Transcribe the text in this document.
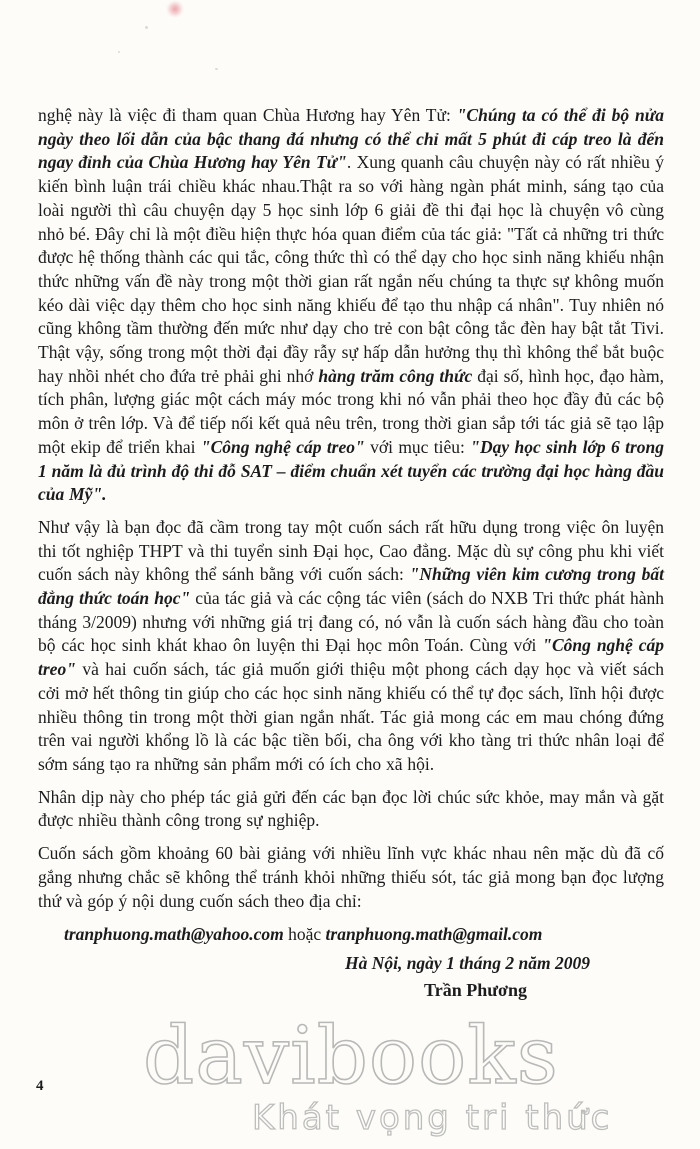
davibooks
Khát vọng tri thức

nghệ này là việc đi tham quan Chùa Hương hay Yên Tử: "Chúng ta có thể đi bộ nửa ngày theo lối dẫn của bậc thang đá nhưng có thể chỉ mất 5 phút đi cáp treo là đến ngay đỉnh của Chùa Hương hay Yên Tử". Xung quanh câu chuyện này có rất nhiều ý kiến bình luận trái chiều khác nhau.Thật ra so với hàng ngàn phát minh, sáng tạo của loài người thì câu chuyện dạy 5 học sinh lớp 6 giải đề thi đại học là chuyện vô cùng nhỏ bé. Đây chỉ là một điều hiện thực hóa quan điểm của tác giả: "Tất cả những tri thức được hệ thống thành các qui tắc, công thức thì có thể dạy cho học sinh năng khiếu nhận thức những vấn đề này trong một thời gian rất ngắn nếu chúng ta thực sự không muốn kéo dài việc dạy thêm cho học sinh năng khiếu để tạo thu nhập cá nhân". Tuy nhiên nó cũng không tầm thường đến mức như dạy cho trẻ con bật công tắc đèn hay bật tắt Tivi. Thật vậy, sống trong một thời đại đầy rẫy sự hấp dẫn hưởng thụ thì không thể bắt buộc hay nhồi nhét cho đứa trẻ phải ghi nhớ hàng trăm công thức đại số, hình học, đạo hàm, tích phân, lượng giác một cách máy móc trong khi nó vẫn phải theo học đầy đủ các bộ môn ở trên lớp. Và để tiếp nối kết quả nêu trên, trong thời gian sắp tới tác giả sẽ tạo lập một ekip để triển khai "Công nghệ cáp treo" với mục tiêu: "Dạy học sinh lớp 6 trong 1 năm là đủ trình độ thi đỗ SAT – điểm chuẩn xét tuyển các trường đại học hàng đầu của Mỹ".

Như vậy là bạn đọc đã cầm trong tay một cuốn sách rất hữu dụng trong việc ôn luyện thi tốt nghiệp THPT và thi tuyển sinh Đại học, Cao đẳng. Mặc dù sự công phu khi viết cuốn sách này không thể sánh bằng với cuốn sách: "Những viên kim cương trong bất đẳng thức toán học" của tác giả và các cộng tác viên (sách do NXB Tri thức phát hành tháng 3/2009) nhưng với những giá trị đang có, nó vẫn là cuốn sách hàng đầu cho toàn bộ các học sinh khát khao ôn luyện thi Đại học môn Toán. Cùng với "Công nghệ cáp treo" và hai cuốn sách, tác giả muốn giới thiệu một phong cách dạy học và viết sách cởi mở hết thông tin giúp cho các học sinh năng khiếu có thể tự đọc sách, lĩnh hội được nhiều thông tin trong một thời gian ngắn nhất. Tác giả mong các em mau chóng đứng trên vai người khổng lồ là các bậc tiền bối, cha ông với kho tàng tri thức nhân loại để sớm sáng tạo ra những sản phẩm mới có ích cho xã hội.

Nhân dịp này cho phép tác giả gửi đến các bạn đọc lời chúc sức khỏe, may mắn và gặt được nhiều thành công trong sự nghiệp.

Cuốn sách gồm khoảng 60 bài giảng với nhiều lĩnh vực khác nhau nên mặc dù đã cố gắng nhưng chắc sẽ không thể tránh khỏi những thiếu sót, tác giả mong bạn đọc lượng thứ và góp ý nội dung cuốn sách theo địa chỉ:

tranphuong.math@yahoo.com hoặc tranphuong.math@gmail.com

Hà Nội, ngày 1 tháng 2 năm 2009

Trần Phương

4
